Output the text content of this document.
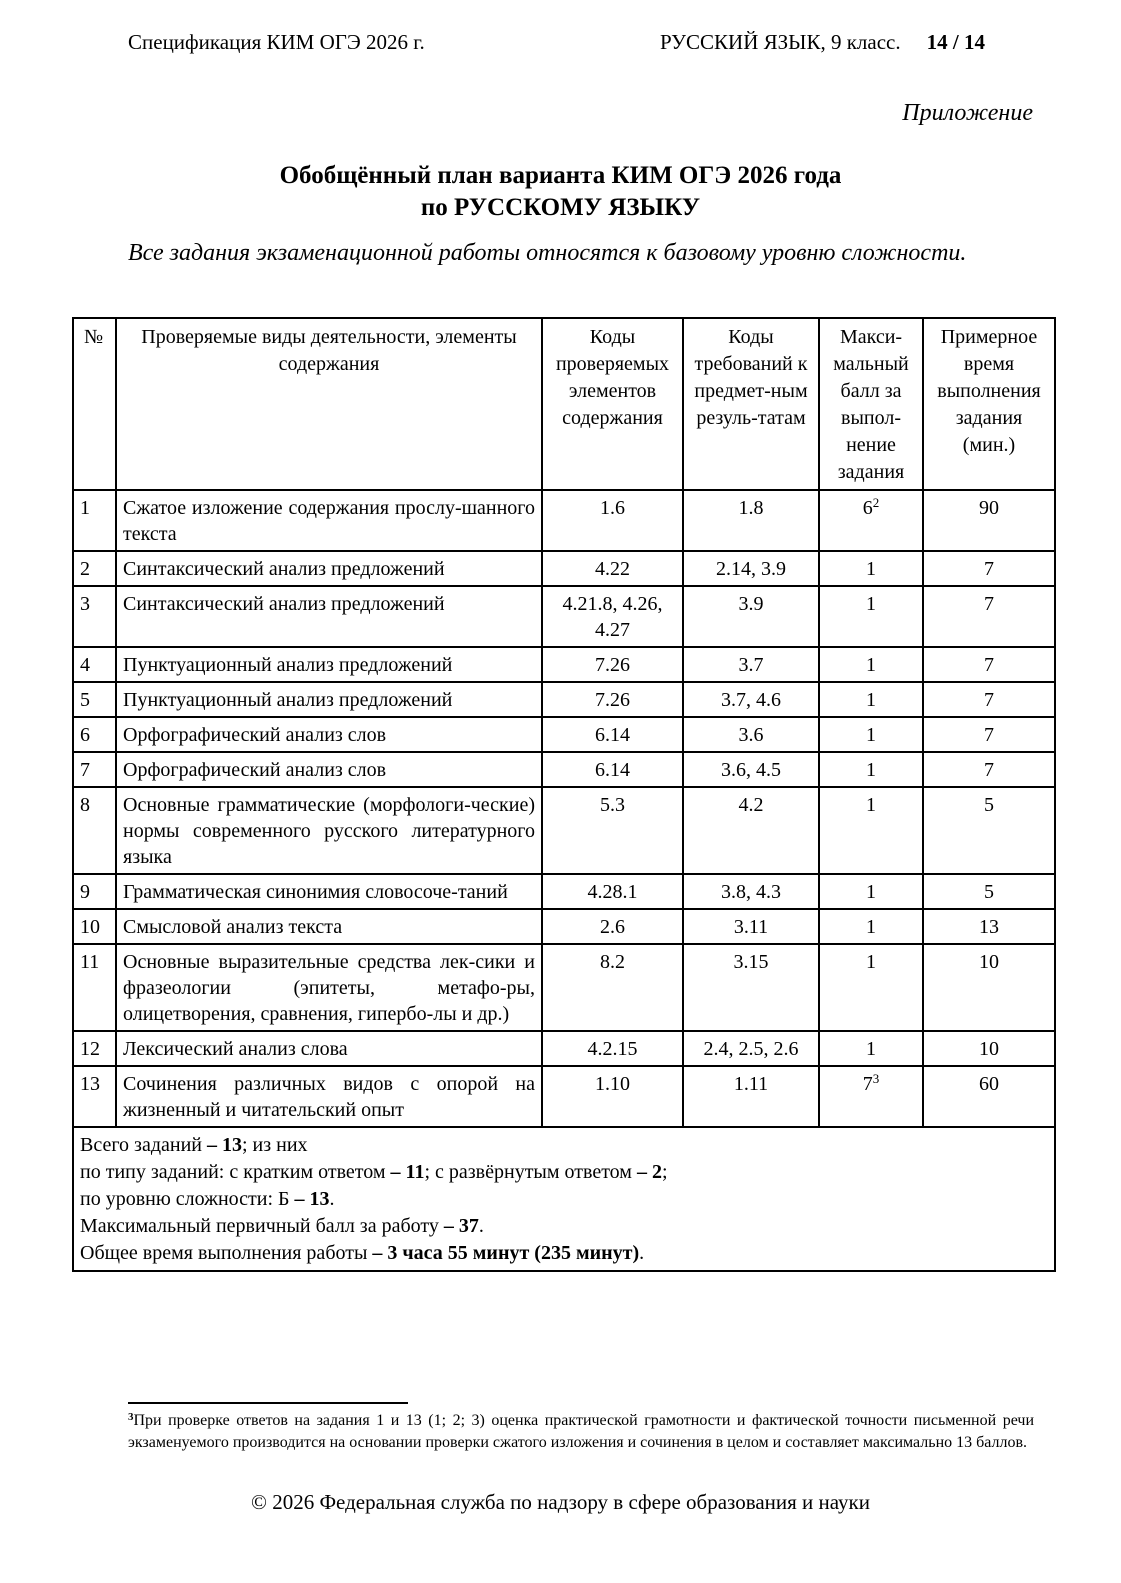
Спецификация КИМ ОГЭ 2026 г.	РУССКИЙ ЯЗЫК, 9 класс. 14 / 14
Приложение
Обобщённый план варианта КИМ ОГЭ 2026 года
по РУССКОМУ ЯЗЫКУ
Все задания экзаменационной работы относятся к базовому уровню сложности.
№	Проверяемые виды деятельности, элементы содержания	Коды проверяемых элементов содержания	Коды требований к предмет-ным резуль-татам	Макси-мальный балл за выпол-нение задания	Примерное время выполнения задания (мин.)
1	Сжатое изложение содержания прослу-шанного текста	1.6	1.8	$6^2$	90
2	Синтаксический анализ предложений	4.22	2.14, 3.9	1	7
3	Синтаксический анализ предложений	4.21.8, 4.26, 4.27	3.9	1	7
4	Пунктуационный анализ предложений	7.26	3.7	1	7
5	Пунктуационный анализ предложений	7.26	3.7, 4.6	1	7
6	Орфографический анализ слов	6.14	3.6	1	7
7	Орфографический анализ слов	6.14	3.6, 4.5	1	7
8	Основные грамматические (морфологи-ческие) нормы современного русского литературного языка	5.3	4.2	1	5
9	Грамматическая синонимия словосоче-таний	4.28.1	3.8, 4.3	1	5
10	Смысловой анализ текста	2.6	3.11	1	13
11	Основные выразительные средства лек-сики и фразеологии (эпитеты, метафо-ры, олицетворения, сравнения, гипербо-лы и др.)	8.2	3.15	1	10
12	Лексический анализ слова	4.2.15	2.4, 2.5, 2.6	1	10
13	Сочинения различных видов с опорой на жизненный и читательский опыт	1.10	1.11	$7^3$	60

Всего заданий – 13; из них
по типу заданий: с кратким ответом – 11; с развёрнутым ответом – 2;
по уровню сложности: Б – 13.
Максимальный первичный балл за работу – 37.
Общее время выполнения работы – 3 часа 55 минут (235 минут).					
$^3$При проверке ответов на задания 1 и 13 (1; 2; 3) оценка практической грамотности и фактической точности письменной речи экзаменуемого производится на основании проверки сжатого изложения и сочинения в целом и составляет максимально 13 баллов.
© 2026 Федеральная служба по надзору в сфере образования и науки
